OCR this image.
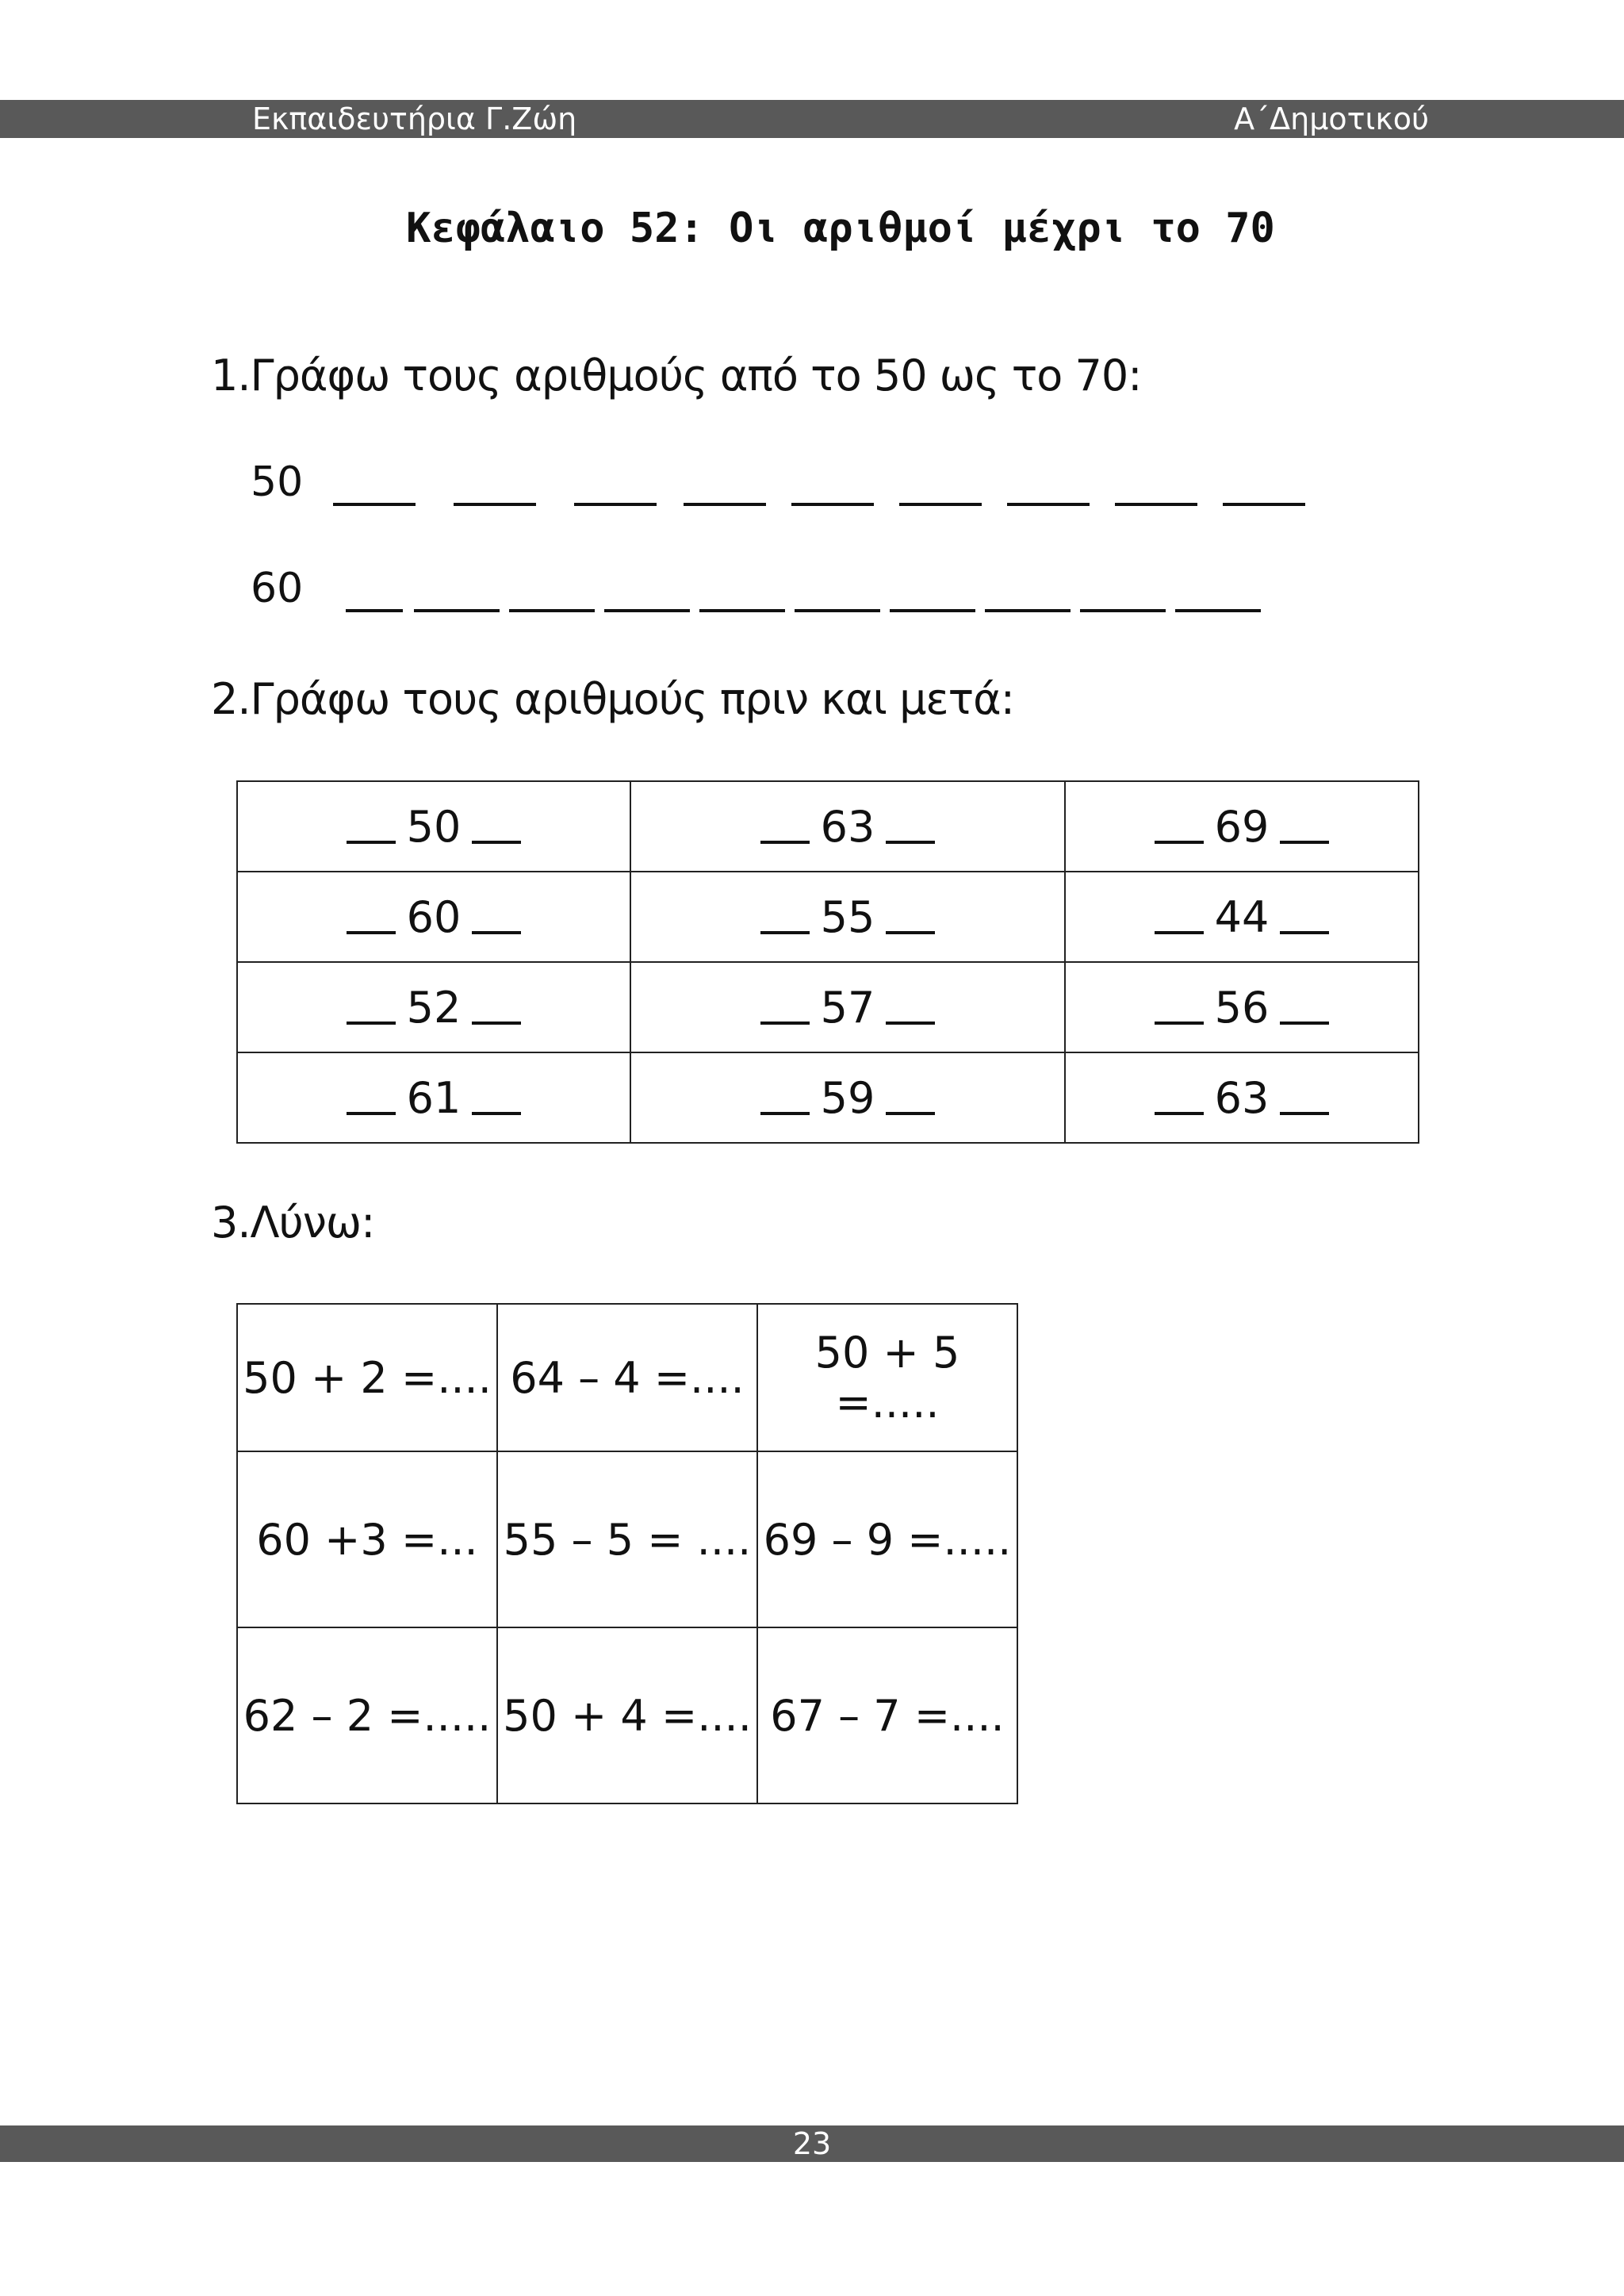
Εκπαιδευτήρια Γ.Ζώη	Α΄Δημοτικού
Κεφάλαιο 52: Οι αριθμοί μέχρι το 70
1.Γράφω τους αριθμούς από το 50 ως το 70:
50
60
2.Γράφω τους αριθμούς πριν και μετά:
50	63	69

60	55	44

52	57	56

61	59	63
3.Λύνω:
50 + 2 =....	64 – 4 =....	50 + 5 =.....
60 +3 =...	55 – 5 = ....	69 – 9 =.....
62 – 2 =.....	50 + 4 =....	67 – 7 =....
23
